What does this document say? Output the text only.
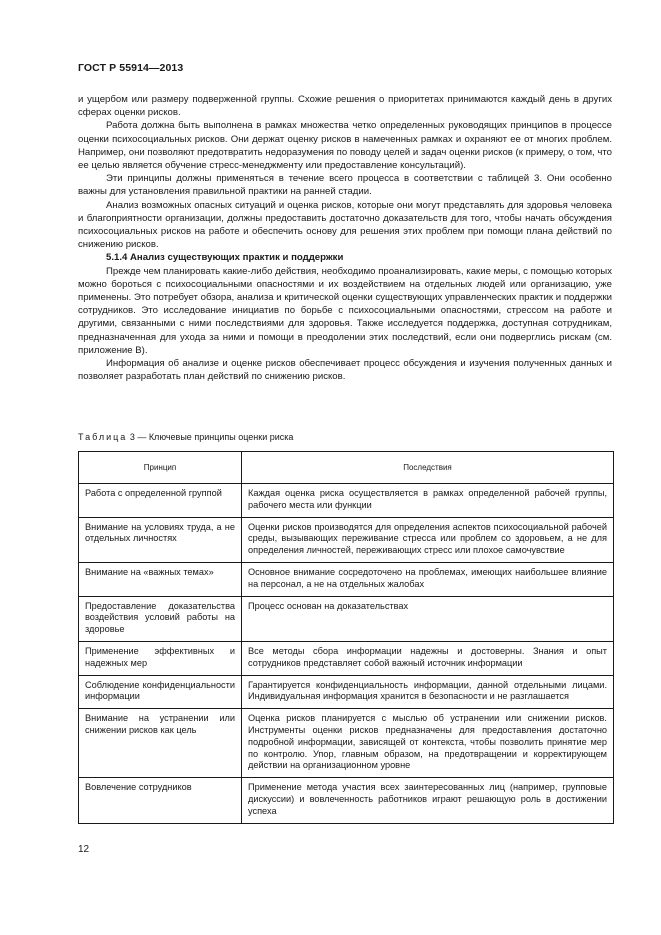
ГОСТ Р 55914—2013

и ущербом или размеру подверженной группы. Схожие решения о приоритетах принимаются каждый день в других сферах оценки рисков.

Работа должна быть выполнена в рамках множества четко определенных руководящих принципов в процессе оценки психосоциальных рисков. Они держат оценку рисков в намеченных рамках и охраняют ее от многих проблем. Например, они позволяют предотвратить недоразумения по поводу целей и задач оценки рисков (к примеру, о том, что ее целью является обучение стресс-менеджменту или предоставление консультаций).

Эти принципы должны применяться в течение всего процесса в соответствии с таблицей 3. Они особенно важны для установления правильной практики на ранней стадии.

Анализ возможных опасных ситуаций и оценка рисков, которые они могут представлять для здоровья человека и благоприятности организации, должны предоставить достаточно доказательств для того, чтобы начать обсуждения психосоциальных рисков на работе и обеспечить основу для решения этих проблем при помощи плана действий по снижению рисков.

5.1.4 Анализ существующих практик и поддержки

Прежде чем планировать какие-либо действия, необходимо проанализировать, какие меры, с помощью которых можно бороться с психосоциальными опасностями и их воздействием на отдельных людей или организацию, уже применены. Это потребует обзора, анализа и критической оценки существующих управленческих практик и поддержки сотрудников. Это исследование инициатив по борьбе с психосоциальными опасностями, стрессом на работе и другими, связанными с ними последствиями для здоровья. Также исследуется поддержка, доступная сотрудникам, предназначенная для ухода за ними и помощи в преодолении этих последствий, если они подверглись рискам (см. приложение В).

Информация об анализе и оценке рисков обеспечивает процесс обсуждения и изучения полученных данных и позволяет разработать план действий по снижению рисков.

Таблица 3 — Ключевые принципы оценки риска
Принцип	Последствия
Работа с определенной группой	Каждая оценка риска осуществляется в рамках определенной рабочей группы, рабочего места или функции
Внимание на условиях труда, а не отдельных личностях	Оценки рисков производятся для определения аспектов психосоциальной рабочей среды, вызывающих переживание стресса или проблем со здоровьем, а не для определения личностей, переживающих стресс или плохое самочувствие
Внимание на «важных темах»	Основное внимание сосредоточено на проблемах, имеющих наибольшее влияние на персонал, а не на отдельных жалобах
Предоставление доказательства воздействия условий работы на здоровье	Процесс основан на доказательствах
Применение эффективных и надежных мер	Все методы сбора информации надежны и достоверны. Знания и опыт сотрудников представляет собой важный источник информации
Соблюдение конфиденциальности информации	Гарантируется конфиденциальность информации, данной отдельными лицами. Индивидуальная информация хранится в безопасности и не разглашается
Внимание на устранении или снижении рисков как цель	Оценка рисков планируется с мыслью об устранении или снижении рисков. Инструменты оценки рисков предназначены для предоставления достаточно подробной информации, зависящей от контекста, чтобы позволить принятие мер по контролю. Упор, главным образом, на предотвращении и корректирующем действии на организационном уровне
Вовлечение сотрудников	Применение метода участия всех заинтересованных лиц (например, групповые дискуссии) и вовлеченность работников играют решающую роль в достижении успеха
12
